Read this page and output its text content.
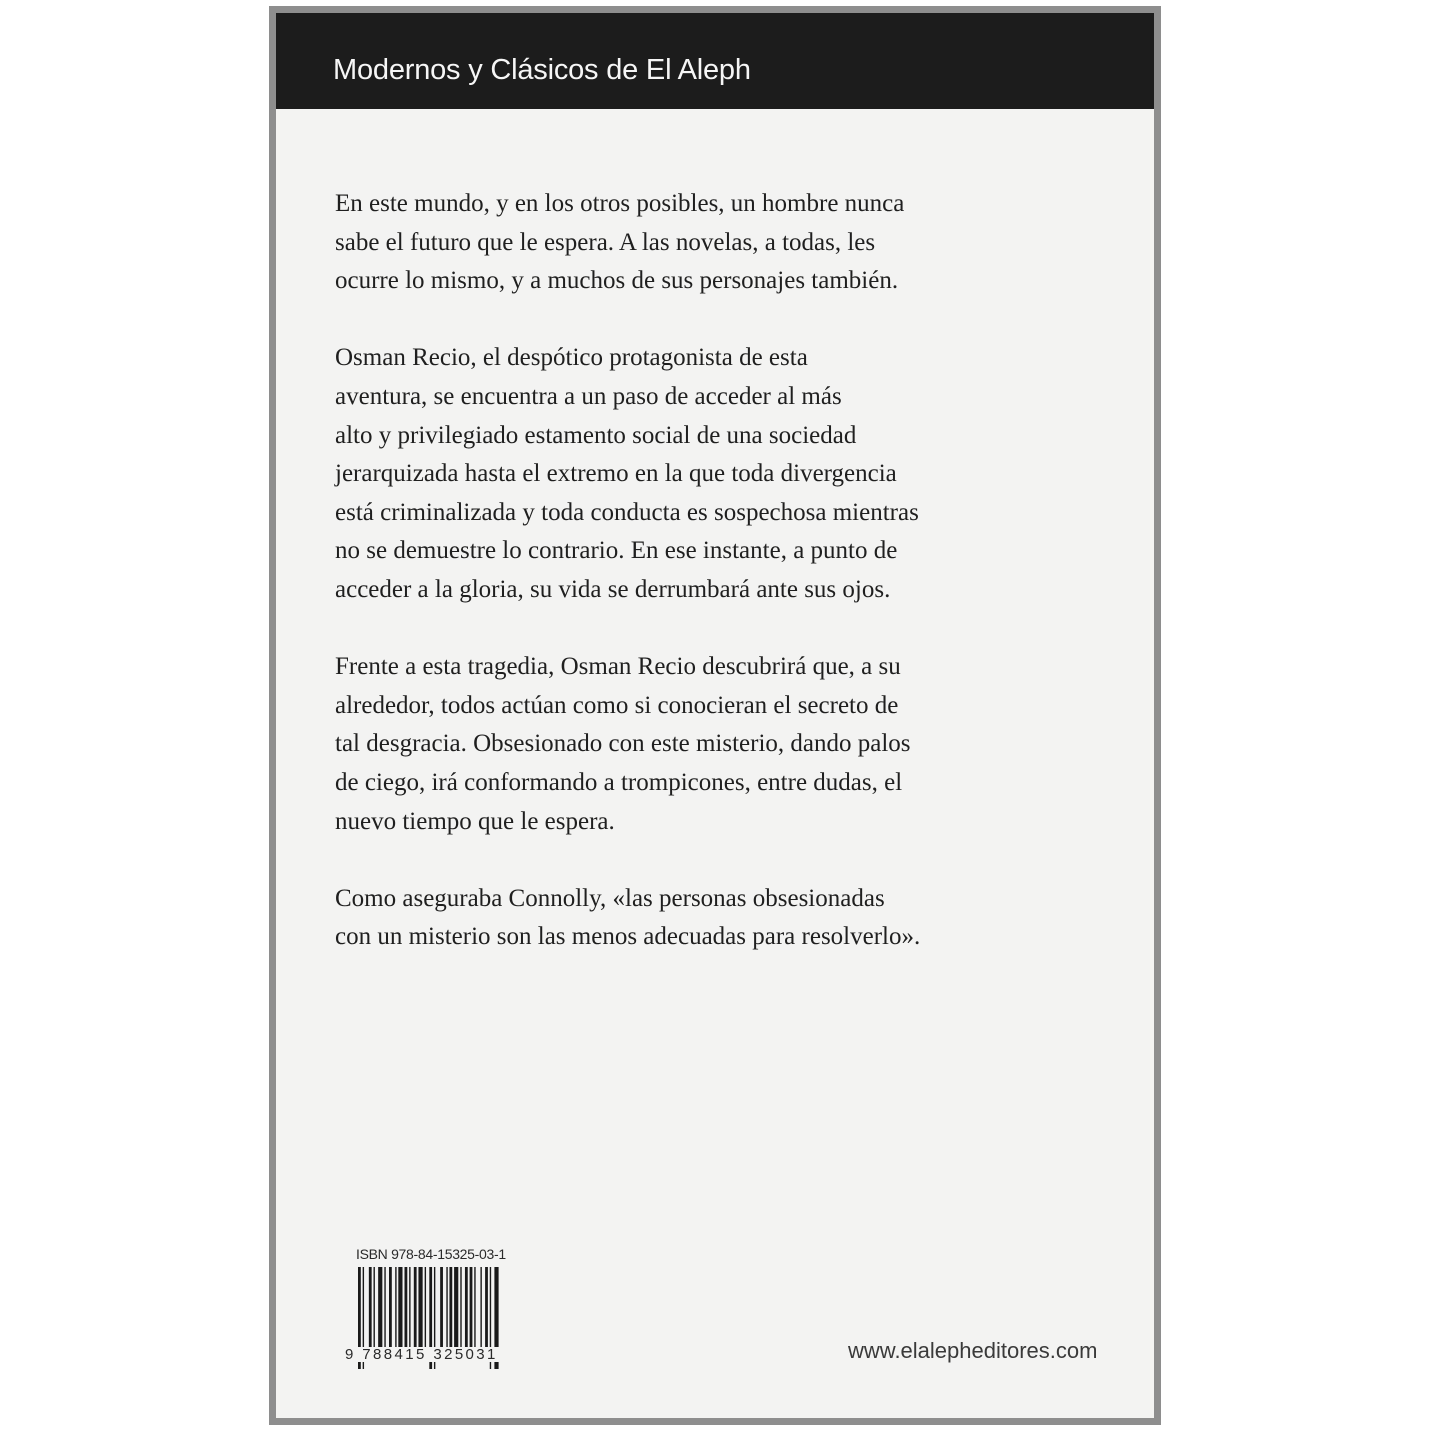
Modernos y Clásicos de El Aleph

En este mundo, y en los otros posibles, un hombre nunca
sabe el futuro que le espera. A las novelas, a todas, les
ocurre lo mismo, y a muchos de sus personajes también.

Osman Recio, el despótico protagonista de esta
aventura, se encuentra a un paso de acceder al más
alto y privilegiado estamento social de una sociedad
jerarquizada hasta el extremo en la que toda divergencia
está criminalizada y toda conducta es sospechosa mientras
no se demuestre lo contrario. En ese instante, a punto de
acceder a la gloria, su vida se derrumbará ante sus ojos.

Frente a esta tragedia, Osman Recio descubrirá que, a su
alrededor, todos actúan como si conocieran el secreto de
tal desgracia. Obsesionado con este misterio, dando palos
de ciego, irá conformando a trompicones, entre dudas, el
nuevo tiempo que le espera.

Como aseguraba Connolly, «las personas obsesionadas
con un misterio son las menos adecuadas para resolverlo».

ISBN 978-84-15325-03-1
9 788415 325031	www.elalepheditores.com
